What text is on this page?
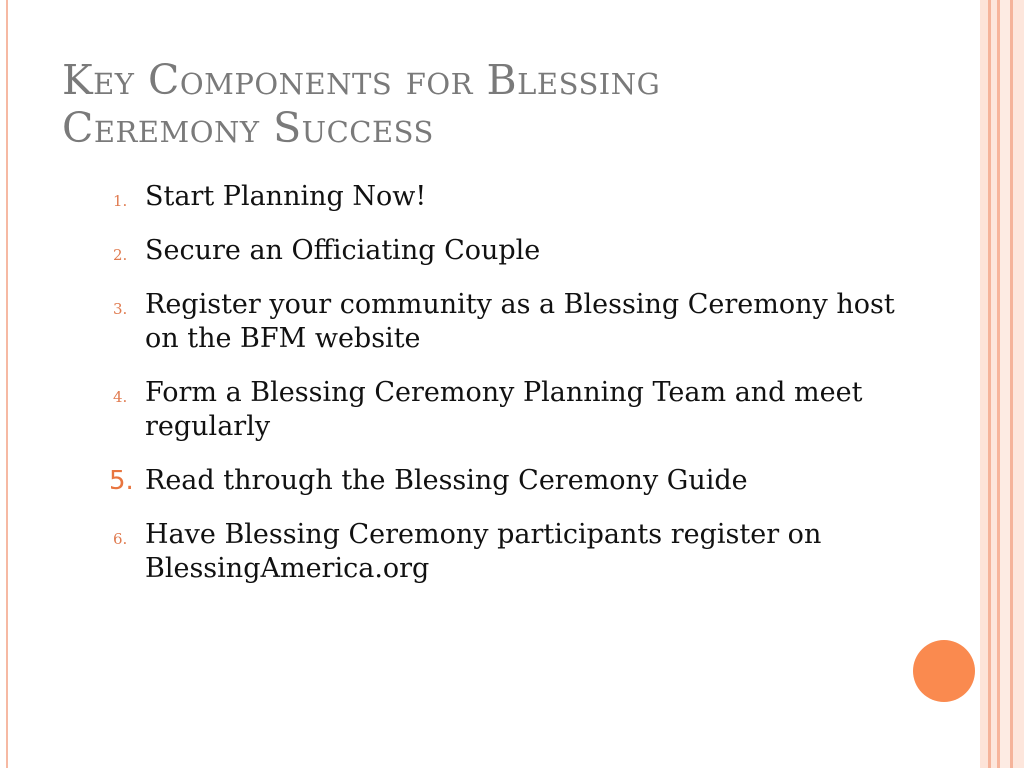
Key Components for Blessing
Ceremony Success
1. Start Planning Now!
2. Secure an Officiating Couple
3. Register your community as a Blessing Ceremony host on the BFM website
4. Form a Blessing Ceremony Planning Team and meet regularly
5. Read through the Blessing Ceremony Guide
6. Have Blessing Ceremony participants register on BlessingAmerica.org
